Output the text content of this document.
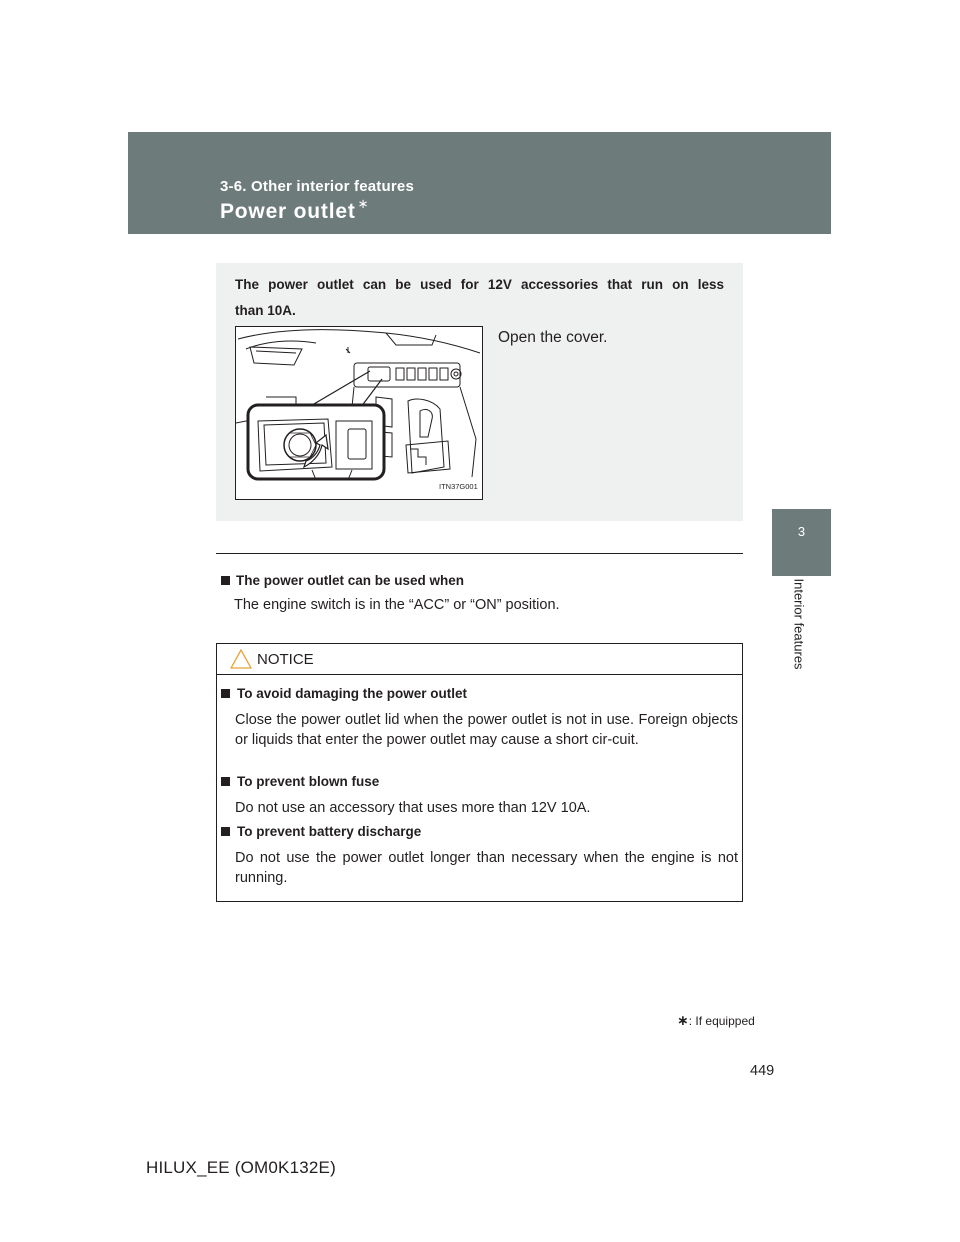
3-6. Other interior features
Power outlet ∗
3
Interior features
The power outlet can be used for 12V accessories that run on less
than 10A.
ITN37G001
Open the cover.
The power outlet can be used when
The engine switch is in the “ACC” or “ON” position.
NOTICE
To avoid damaging the power outlet
Close the power outlet lid when the power outlet is not in use. Foreign objects or liquids that enter the power outlet may cause a short cir-cuit.
To prevent blown fuse
Do not use an accessory that uses more than 12V 10A.
To prevent battery discharge
Do not use the power outlet longer than necessary when the engine is not running.
∗: If equipped
449
HILUX_EE (OM0K132E)
